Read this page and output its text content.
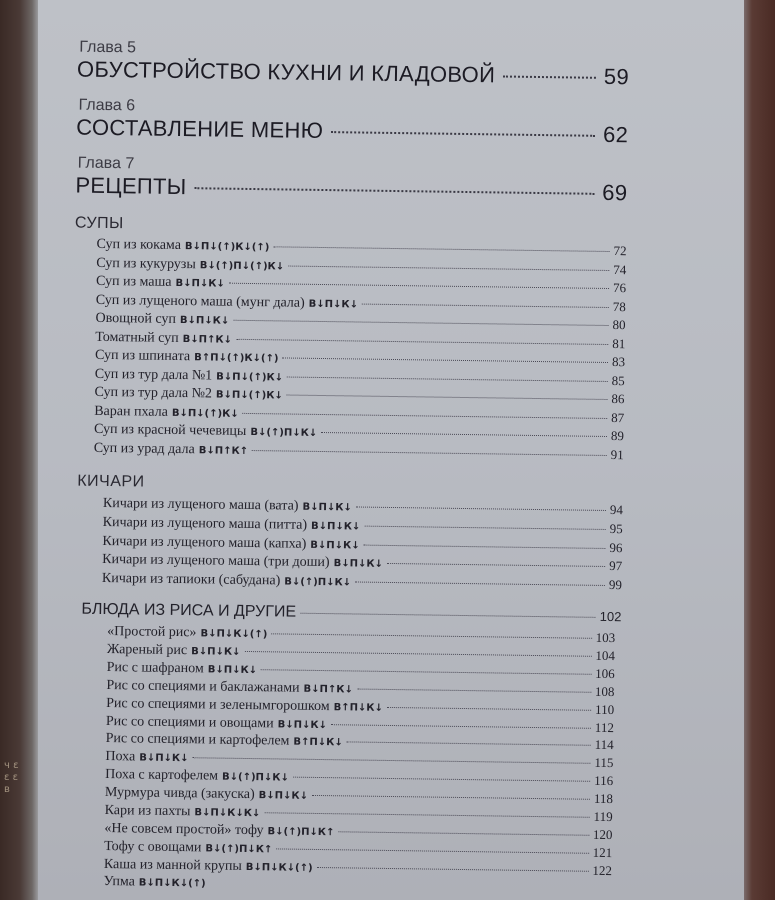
ч ε ε ε в
Глава 5
ОБУСТРОЙСТВО КУХНИ И КЛАДОВОЙ	59
Глава 6
СОСТАВЛЕНИЕ МЕНЮ	62
Глава 7
РЕЦЕПТЫ	69
СУПЫ
Суп из кокама В↓П↓(↑)К↓(↑)	72
Суп из кукурузы В↓(↑)П↓(↑)К↓	74
Суп из маша В↓П↓К↓	76
Суп из лущеного маша (мунг дала) В↓П↓К↓	78
Овощной суп В↓П↓К↓	80
Томатный суп В↓П↑К↓	81
Суп из шпината В↑П↓(↑)К↓(↑)	83
Суп из тур дала №1 В↓П↓(↑)К↓	85
Суп из тур дала №2 В↓П↓(↑)К↓	86
Варан пхала В↓П↓(↑)К↓	87
Суп из красной чечевицы В↓(↑)П↓К↓	89
Суп из урад дала В↓П↑К↑	91
КИЧАРИ
Кичари из лущеного маша (вата) В↓П↓К↓	94
Кичари из лущеного маша (питта) В↓П↓К↓	95
Кичари из лущеного маша (капха) В↓П↓К↓	96
Кичари из лущеного маша (три доши) В↓П↓К↓	97
Кичари из тапиоки (сабудана) В↓(↑)П↓К↓	99
БЛЮДА ИЗ РИСА И ДРУГИЕ	102
«Простой рис» В↓П↓К↓(↑)	103
Жареный рис В↓П↓К↓	104
Рис с шафраном В↓П↓К↓	106
Рис со специями и баклажанами В↓П↑К↓	108
Рис со специями и зеленымгорошком В↑П↓К↓	110
Рис со специями и овощами В↓П↓К↓	112
Рис со специями и картофелем В↑П↓К↓	114
Поха В↓П↓К↓	115
Поха с картофелем В↓(↑)П↓К↓	116
Мурмура чивда (закуска) В↓П↓К↓	118
Кари из пахты В↓П↓К↓К↓	119
«Не совсем простой» тофу В↓(↑)П↓К↑	120
Тофу с овощами В↓(↑)П↓К↑	121
Каша из манной крупы В↓П↓К↓(↑)	122
Упма В↓П↓К↓(↑)
